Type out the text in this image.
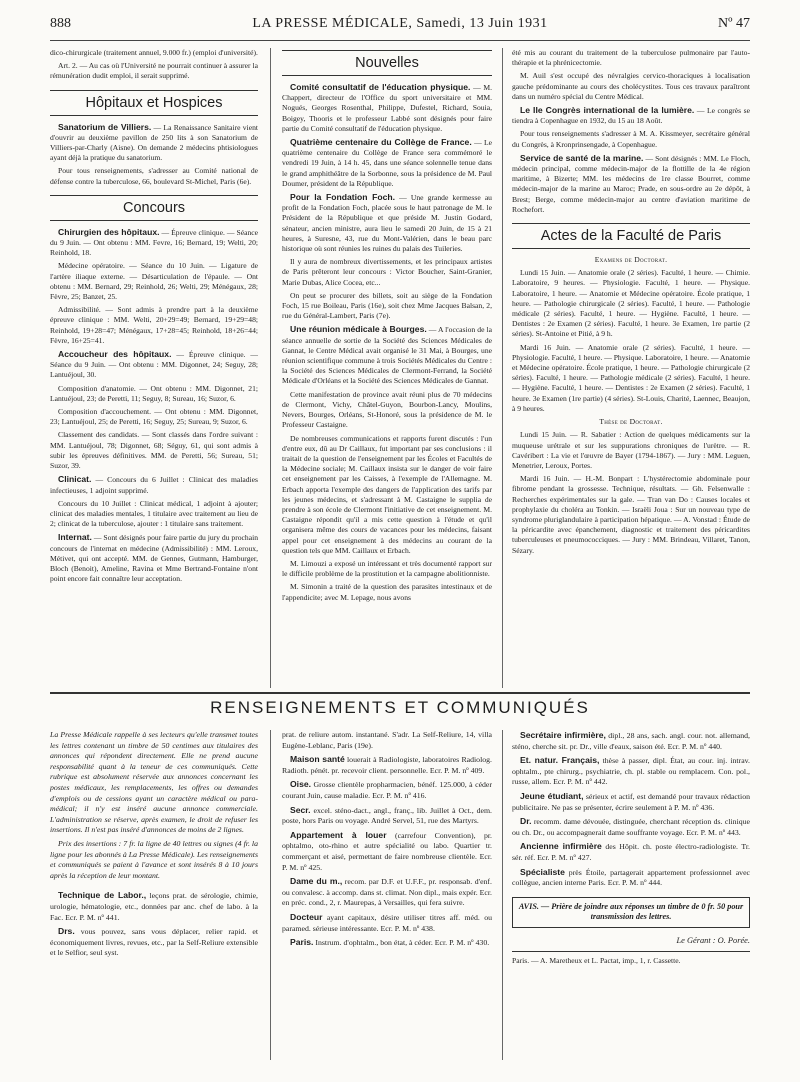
888	LA PRESSE MÉDICALE, Samedi, 13 Juin 1931	Nº 47

dico-chirurgicale (traitement annuel, 9.000 fr.) (emploi d'université).

Art. 2. — Au cas où l'Université ne pourrait continuer à assurer la rémunération dudit emploi, il serait supprimé.

Hôpitaux et Hospices

Sanatorium de Villiers. — La Renaissance Sanitaire vient d'ouvrir au deuxième pavillon de 250 lits à son Sanatorium de Villiers-par-Charly (Aisne). On demande 2 médecins phtisiologues ayant déjà la pratique du sanatorium.

Pour tous renseignements, s'adresser au Comité national de défense contre la tuberculose, 66, boulevard St-Michel, Paris (6e).

Concours

Chirurgien des hôpitaux. — Épreuve clinique. — Séance du 9 Juin. — Ont obtenu : MM. Fevre, 16; Bernard, 19; Welti, 20; Reinhold, 18.

Médecine opératoire. — Séance du 10 Juin. — Ligature de l'artère iliaque externe. — Désarticulation de l'épaule. — Ont obtenu : MM. Bernard, 29; Reinhold, 26; Welti, 29; Ménégaux, 28; Fèvre, 25; Banzet, 25.

Admissibilité. — Sont admis à prendre part à la deuxième épreuve clinique : MM. Welti, 20+29=49; Bernard, 19+29=48; Reinhold, 19+28=47; Ménégaux, 17+28=45; Reinhold, 18+26=44; Fèvre, 16+25=41.

Accoucheur des hôpitaux. — Épreuve clinique. — Séance du 9 Juin. — Ont obtenu : MM. Digonnet, 24; Seguy, 28; Lantuéjoul, 30.

Composition d'anatomie. — Ont obtenu : MM. Digonnet, 21; Lantuéjoul, 23; de Peretti, 11; Seguy, 8; Sureau, 16; Suzor, 6.

Composition d'accouchement. — Ont obtenu : MM. Digonnet, 23; Lantuéjoul, 25; de Peretti, 16; Seguy, 25; Sureau, 9; Suzor, 6.

Classement des candidats. — Sont classés dans l'ordre suivant : MM. Lantuéjoul, 78; Digonnet, 68; Séguy, 61, qui sont admis à subir les épreuves définitives. MM. de Peretti, 56; Sureau, 51; Suzor, 39.

Clinicat. — Concours du 6 Juillet : Clinicat des maladies infectieuses, 1 adjoint supprimé.

Concours du 10 Juillet : Clinicat médical, 1 adjoint à ajouter; clinicat des maladies mentales, 1 titulaire avec traitement au lieu de 2; clinicat de la tuberculose, ajouter : 1 titulaire sans traitement.

Internat. — Sont désignés pour faire partie du jury du prochain concours de l'internat en médecine (Admissibilité) : MM. Leroux, Métivet, qui ont accepté. MM. de Gennes, Gutmann, Hamburger, Bloch (Benoit), Ameline, Ravina et Mme Bertrand-Fontaine n'ont point encore fait connaître leur acceptation.

Nouvelles

Comité consultatif de l'éducation physique. — M. Chappert, directeur de l'Office du sport universitaire et MM. Nogués, Georges Rosenthal, Philippe, Dufestel, Richard, Souia, Boigey, Thooris et le professeur Labbé sont désignés pour faire partie du Comité consultatif de l'éducation physique.

Quatrième centenaire du Collège de France. — Le quatrième centenaire du Collège de France sera commémoré le vendredi 19 Juin, à 14 h. 45, dans une séance solennelle tenue dans le grand amphithéâtre de la Sorbonne, sous la présidence de M. Paul Doumer, président de la République.

Pour la Fondation Foch. — Une grande kermesse au profit de la Fondation Foch, placée sous le haut patronage de M. le Président de la République et que préside M. Justin Godard, sénateur, ancien ministre, aura lieu le samedi 20 Juin, de 15 à 21 heures, à Suresne, 43, rue du Mont-Valérien, dans le beau parc historique où sont réunies les ruines du palais des Tuileries.

Il y aura de nombreux divertissements, et les principaux artistes de Paris prêteront leur concours : Victor Boucher, Saint-Granier, Marie Dubas, Alice Cocea, etc...

On peut se procurer des billets, soit au siège de la Fondation Foch, 15 rue Boileau, Paris (16e), soit chez Mme Jacques Balsan, 2, rue du Général-Lambert, Paris (7e).

Une réunion médicale à Bourges. — A l'occasion de la séance annuelle de sortie de la Société des Sciences Médicales de Gannat, le Centre Médical avait organisé le 31 Mai, à Bourges, une réunion scientifique commune à trois Sociétés Médicales du Centre : la Société des Sciences Médicales de Clermont-Ferrand, la Société Médicale d'Orléans et la Société des Sciences Médicales de Gannat.

Cette manifestation de province avait réuni plus de 70 médecins de Clermont, Vichy, Châtel-Guyon, Bourbon-Lancy, Moulins, Nevers, Bourges, Orléans, St-Honoré, sous la présidence de M. le Professeur Castaigne.

De nombreuses communications et rapports furent discutés : l'un d'entre eux, dû au Dr Caillaux, fut important par ses conclusions : il traitait de la question de l'enseignement par les Écoles et Facultés de la Médecine sociale; M. Caillaux insista sur le danger de voir faire cet enseignement par les Caisses, à l'exemple de l'Allemagne. M. Erbach apporta l'exemple des dangers de l'application des tarifs par les jeunes médecins, et s'adressant à M. Castaigne le supplia de prendre à son école de Clermont l'initiative de cet enseignement. M. Castaigne répondit qu'il a mis cette question à l'étude et qu'il organisera même des cours de vacances pour les médecins, faisant appel pour cet enseignement à des médecins au courant de la question tels que MM. Caillaux et Erbach.

M. Limouzi a exposé un intéressant et très documenté rapport sur le difficile problème de la prostitution et la campagne abolitionniste.

M. Simonin a traité de la question des parasites intestinaux et de l'appendicite; avec M. Lepage, nous avons

été mis au courant du traitement de la tuberculose pulmonaire par l'auto-thérapie et la phrénicectomie.

M. Auil s'est occupé des névralgies cervico-thoraciques à localisation gauche prédominante au cours des cholécystites. Tous ces travaux paraîtront dans un numéro spécial du Centre Médical.

Le IIe Congrès international de la lumière. — Le congrès se tiendra à Copenhague en 1932, du 15 au 18 Août.

Pour tous renseignements s'adresser à M. A. Kissmeyer, secrétaire général du Congrès, à Kronprinsengade, à Copenhague.

Service de santé de la marine. — Sont désignés : MM. Le Floch, médecin principal, comme médecin-major de la flottille de la 4e région maritime, à Bizerte; MM. les médecins de 1re classe Bourret, comme médecin-major de la marine au Maroc; Prade, en sous-ordre au 2e dépôt, à Brest; Berge, comme médecin-major au centre d'aviation maritime de Rochefort.

Actes de la Faculté de Paris

Examens de Doctorat.

Lundi 15 Juin. — Anatomie orale (2 séries). Faculté, 1 heure. — Chimie. Laboratoire, 9 heures. — Physiologie. Faculté, 1 heure. — Physique. Laboratoire, 1 heure. — Anatomie et Médecine opératoire. École pratique, 1 heure. — Pathologie chirurgicale (2 séries). Faculté, 1 heure. — Pathologie médicale (2 séries). Faculté, 1 heure. — Hygiène. Faculté, 1 heure. — Dentistes : 2e Examen (2 séries). Faculté, 1 heure. 3e Examen, 1re partie (2 séries). St-Antoine et Pitié, à 9 h.

Mardi 16 Juin. — Anatomie orale (2 séries). Faculté, 1 heure. — Physiologie. Faculté, 1 heure. — Physique. Laboratoire, 1 heure. — Anatomie et Médecine opératoire. École pratique, 1 heure. — Pathologie chirurgicale (2 séries). Faculté, 1 heure. — Pathologie médicale (2 séries). Faculté, 1 heure. — Hygiène. Faculté, 1 heure. — Dentistes : 2e Examen (2 séries). Faculté, 1 heure. 3e Examen (1re partie) (4 séries). St-Louis, Charité, Laennec, Beaujon, à 9 heures.

Thèse de Doctorat.

Lundi 15 Juin. — R. Sabatier : Action de quelques médicaments sur la muqueuse urétrale et sur les suppurations chroniques de l'urètre. — R. Cavéribert : La vie et l'œuvre de Bayer (1794-1867). — Jury : MM. Leguen, Menetrier, Leroux, Portes.

Mardi 16 Juin. — H.-M. Bonpart : L'hystérectomie abdominale pour fibrome pendant la grossesse. Technique, résultats. — Gh. Felsenwalle : Recherches expérimentales sur la gale. — Tran van Do : Causes locales et prophylaxie du choléra au Tonkin. — Israëli Joua : Sur un nouveau type de syndrome pluriglandulaire à participation hépatique. — A. Vonstad : Étude de la péricardite avec épanchement, diagnostic et traitement des péricardites tuberculeuses et pneumococciques. — Jury : MM. Brindeau, Villaret, Tanon, Sézary.

RENSEIGNEMENTS ET COMMUNIQUÉS

La Presse Médicale rappelle à ses lecteurs qu'elle transmet toutes les lettres contenant un timbre de 50 centimes aux titulaires des annonces qui répondent directement. Elle ne prend aucune responsabilité quant à la teneur de ces communiqués. Cette rubrique est absolument réservée aux annonces concernant les postes médicaux, les remplacements, les offres ou demandes d'emplois ou de cessions ayant un caractère médical ou para-médical; il n'y est inséré aucune annonce commerciale. L'administration se réserve, après examen, le droit de refuser les insertions. Il n'est pas inséré d'annonces de moins de 2 lignes.

Prix des insertions : 7 fr. la ligne de 40 lettres ou signes (4 fr. la ligne pour les abonnés à La Presse Médicale). Les renseignements et communiqués se paient à l'avance et sont insérés 8 à 10 jours après la réception de leur montant.

Technique de Labor., leçons prat. de sérologie, chimie, urologie, hématologie, etc., données par anc. chef de labo. à la Fac. Ecr. P. M. nº 441.

Drs. vous pouvez, sans vous déplacer, relier rapid. et économiquement livres, revues, etc., par la Self-Reliure extensible et le Selfior, seul syst.

prat. de reliure autom. instantané. S'adr. La Self-Reliure, 14, villa Eugène-Leblanc, Paris (19e).

Maison santé louerait à Radiologiste, laboratoires Radiolog. Radioth. pénét. pr. recevoir client. personnelle. Ecr. P. M. nº 409.

Oise. Grosse clientèle propharmacien, bénéf. 125.000, à céder courant Juin, cause maladie. Ecr. P. M. nº 416.

Secr. excel. sténo-dact., angl., franç., lib. Juillet à Oct., dem. poste, hors Paris ou voyage. André Servel, 51, rue des Martyrs.

Appartement à louer (carrefour Convention), pr. ophtalmo, oto-rhino et autre spécialité ou labo. Quartier tr. commerçant et aisé, permettant de faire nombreuse clientèle. Ecr. P. M. nº 425.

Dame du m., recom. par D.F. et U.F.F., pr. responsab. d'enf. ou convalesc. à accomp. dans st. climat. Non dipl., mais expér. Ecr. en préc. cond., 2, r. Maurepas, à Versailles, qui fera suivre.

Docteur ayant capitaux, désire utiliser titres aff. méd. ou paramed. sérieuse intéressante. Ecr. P. M. nº 438.

Paris. Instrum. d'ophtalm., bon état, à céder. Ecr. P. M. nº 430.

Secrétaire infirmière, dipl., 28 ans, sach. angl. cour. not. allemand, sténo, cherche sit. pr. Dr., ville d'eaux, saison été. Ecr. P. M. nº 440.

Et. natur. Français, thèse à passer, dipl. État, au cour. inj. intrav. ophtalm., pte chirurg., psychiatrie, ch. pl. stable ou remplacem. Con. pol., russe, allem. Ecr. P. M. nº 442.

Jeune étudiant, sérieux et actif, est demandé pour travaux rédaction publicitaire. Ne pas se présenter, écrire seulement à P. M. nº 436.

Dr. recomm. dame dévouée, distinguée, cherchant réception ds. clinique ou ch. Dr., ou accompagnerait dame souffrante voyage. Ecr. P. M. nº 443.

Ancienne infirmière des Hôpit. ch. poste électro-radiologiste. Tr. sér. réf. Ecr. P. M. nº 427.

Spécialiste près Étoile, partagerait appartement professionnel avec collègue, ancien interne Paris. Ecr. P. M. nº 444.

AVIS. — Prière de joindre aux réponses un timbre de 0 fr. 50 pour transmission des lettres.
Le Gérant : O. Porée.
Paris. — A. Maretheux et L. Pactat, imp., 1, r. Cassette.
